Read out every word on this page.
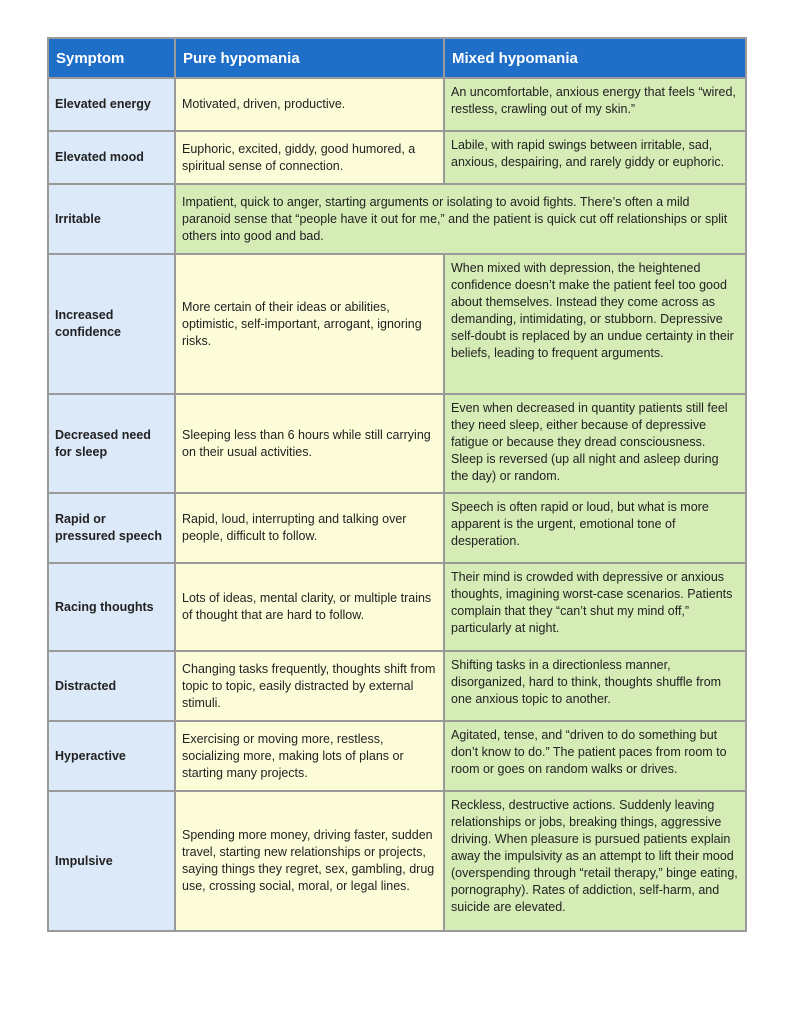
Symptom	Pure hypomania	Mixed hypomania
Elevated energy	Motivated, driven, productive.	An uncomfortable, anxious energy that feels “wired, restless, crawling out of my skin.”
Elevated mood	Euphoric, excited, giddy, good humored, a spiritual sense of connection.	Labile, with rapid swings between irritable, sad, anxious, despairing, and rarely giddy or euphoric.
Irritable	Impatient, quick to anger, starting arguments or isolating to avoid fights. There’s often a mild paranoid sense that “people have it out for me,” and the patient is quick cut off relationships or split others into good and bad.	
Increased confidence	More certain of their ideas or abilities, optimistic, self-important, arrogant, ignoring risks.	When mixed with depression, the heightened confidence doesn’t make the patient feel too good about themselves. Instead they come across as demanding, intimidating, or stubborn. Depressive self-doubt is replaced by an undue certainty in their beliefs, leading to frequent arguments.
Decreased need for sleep	Sleeping less than 6 hours while still carrying on their usual activities.	Even when decreased in quantity patients still feel they need sleep, either because of depressive fatigue or because they dread consciousness. Sleep is reversed (up all night and asleep during the day) or random.
Rapid or pressured speech	Rapid, loud, interrupting and talking over people, difficult to follow.	Speech is often rapid or loud, but what is more apparent is the urgent, emotional tone of desperation.
Racing thoughts	Lots of ideas, mental clarity, or multiple trains of thought that are hard to follow.	Their mind is crowded with depressive or anxious thoughts, imagining worst-case scenarios. Patients complain that they “can’t shut my mind off,” particularly at night.
Distracted	Changing tasks frequently, thoughts shift from topic to topic, easily distracted by external stimuli.	Shifting tasks in a directionless manner, disorganized, hard to think, thoughts shuffle from one anxious topic to another.
Hyperactive	Exercising or moving more, restless, socializing more, making lots of plans or starting many projects.	Agitated, tense, and “driven to do something but don’t know to do.” The patient paces from room to room or goes on random walks or drives.
Impulsive	Spending more money, driving faster, sudden travel, starting new relationships or projects, saying things they regret, sex, gambling, drug use, crossing social, moral, or legal lines.	Reckless, destructive actions. Suddenly leaving relationships or jobs, breaking things, aggressive driving. When pleasure is pursued patients explain away the impulsivity as an attempt to lift their mood (overspending through “retail therapy,” binge eating, pornography). Rates of addiction, self-harm, and suicide are elevated.
